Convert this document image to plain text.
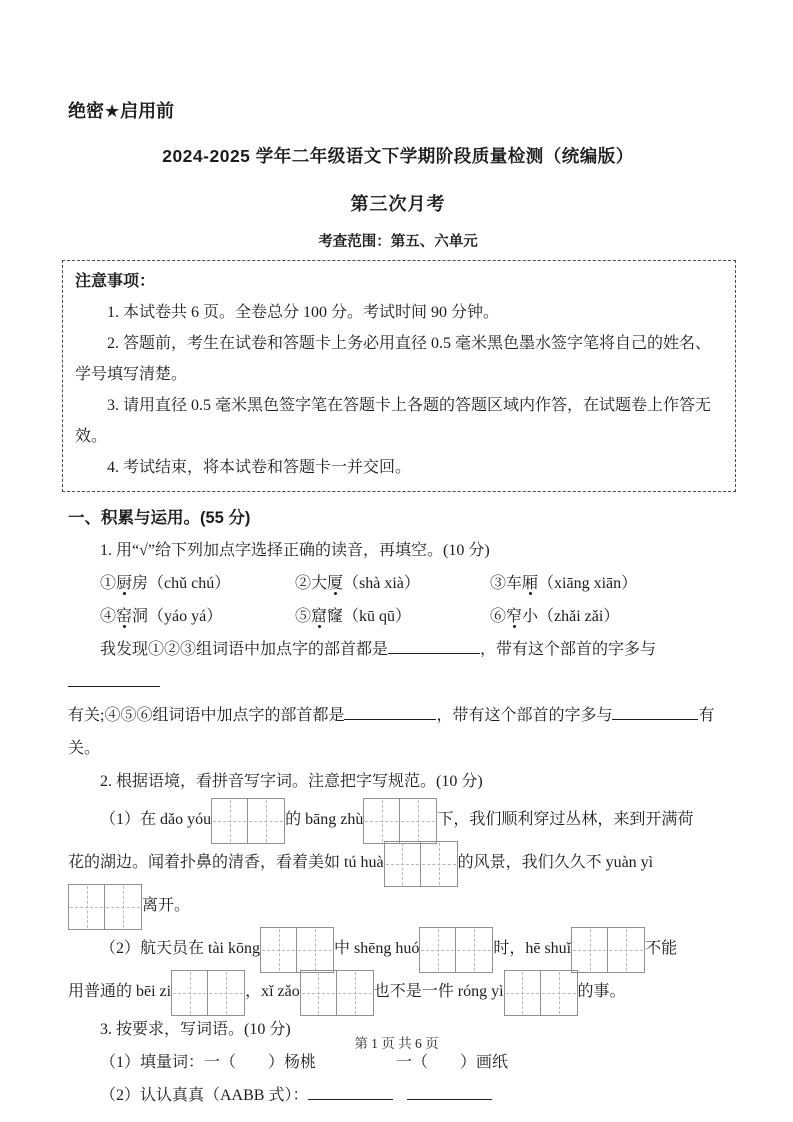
绝密★启用前
2024-2025 学年二年级语文下学期阶段质量检测（统编版）
第三次月考
考查范围：第五、六单元
注意事项：

1. 本试卷共 6 页。全卷总分 100 分。考试时间 90 分钟。

2. 答题前，考生在试卷和答题卡上务必用直径 0.5 毫米黑色墨水签字笔将自己的姓名、学号填写清楚。

3. 请用直径 0.5 毫米黑色签字笔在答题卡上各题的答题区域内作答，在试题卷上作答无效。

4. 考试结束，将本试卷和答题卡一并交回。

一、积累与运用。(55 分)
1. 用“√”给下列加点字选择正确的读音，再填空。(10 分)
①厨房（chǔ chú）	②大厦（shà xià）	③车厢（xiāng xiān）
④窑洞（yáo yá）	⑤窟窿（kū qū）	⑥窄小（zhǎi zǎi）
我发现①②③组词语中加点字的部首都是	，带有这个部首的字多与
有关;④⑤⑥组词语中加点字的部首都是	，带有这个部首的字多与	有关。
2. 根据语境，看拼音写字词。注意把字写规范。(10 分)
（1）在 dǎo yóu	的 bāng zhù	下，我们顺利穿过丛林，来到开满荷
花的湖边。闻着扑鼻的清香，看着美如 tú huà	的风景，我们久久不 yuàn yì
离开。
（2）航天员在 tài kōng	中 shēng huó	时，hē shuǐ	不能
用普通的 bēi zi	，xǐ zǎo	也不是一件 róng yì	的事。
3. 按要求，写词语。(10 分)
（1）填量词：一（　　）杨桃　　　　　一（　　）画纸
（2）认认真真（AABB 式）：
第 1 页 共 6 页
